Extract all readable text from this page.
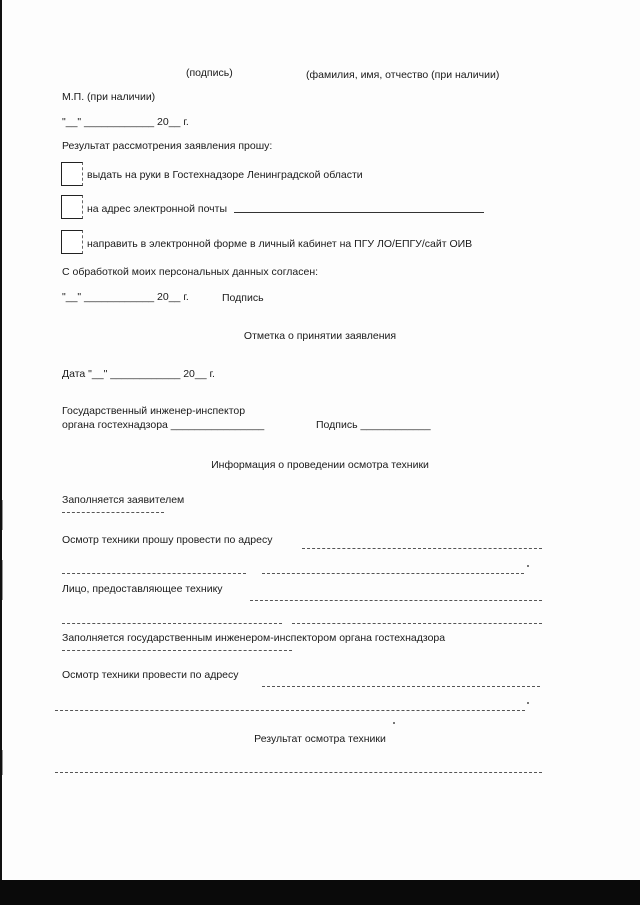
(подпись)	(фамилия, имя, отчество (при наличии)
М.П. (при наличии)
"__" ____________ 20__ г.
Результат рассмотрения заявления прошу:
выдать на руки в Гостехнадзоре Ленинградской области
на адрес электронной почты
направить в электронной форме в личный кабинет на ПГУ ЛО/ЕПГУ/сайт ОИВ
С обработкой моих персональных данных согласен:
"__" ____________ 20__ г.	Подпись
Отметка о принятии заявления
Дата "__" ____________ 20__ г.
Государственный инженер-инспектор
органа гостехнадзора ________________	Подпись ____________
Информация о проведении осмотра техники
Заполняется заявителем
Осмотр техники прошу провести по адресу
Лицо, предоставляющее технику
Заполняется государственным инженером-инспектором органа гостехнадзора
Осмотр техники провести по адресу
Результат осмотра техники
